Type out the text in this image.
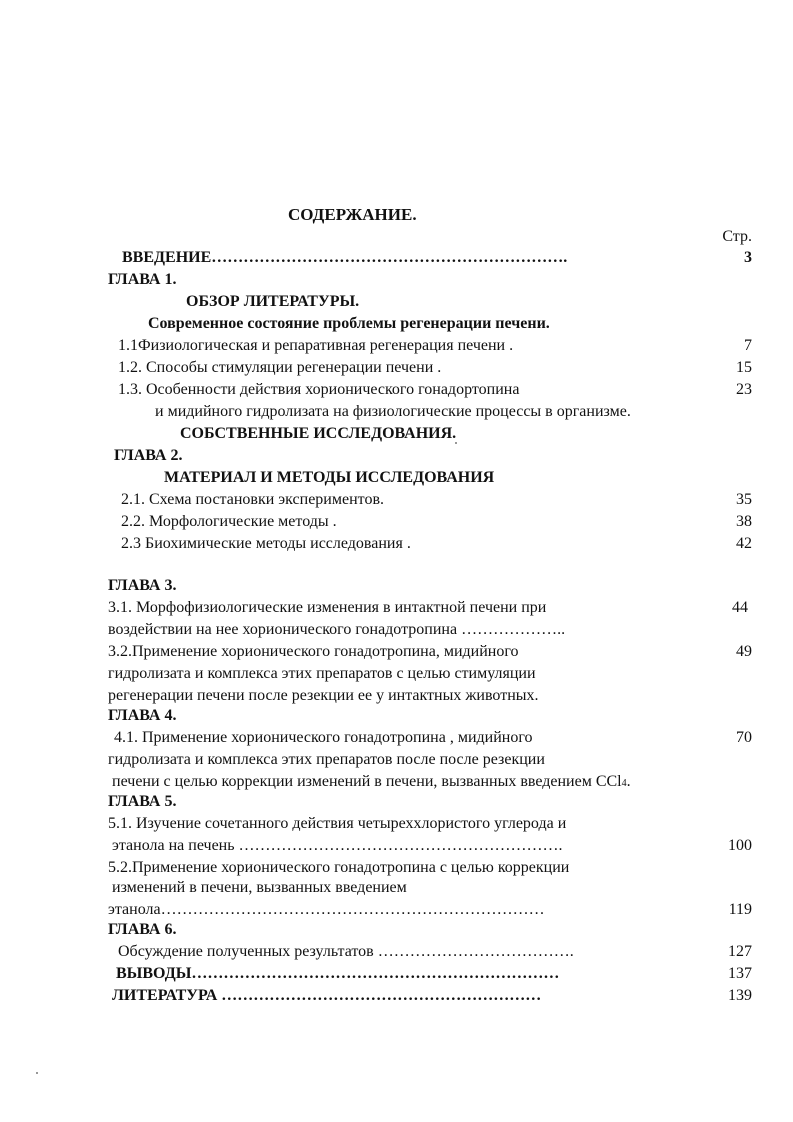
СОДЕРЖАНИЕ.
Стр.
ВВЕДЕНИЕ………………………………………………………….	3
ГЛАВА 1.
ОБЗОР ЛИТЕРАТУРЫ.
Современное состояние проблемы регенерации печени.
1.1Физиологическая и репаративная регенерация печени .	7
1.2. Способы стимуляции регенерации печени .	15
1.3. Особенности действия хорионического гонадортопина	23
и мидийного гидролизата на физиологические процессы в организме.
СОБСТВЕННЫЕ ИССЛЕДОВАНИЯ.
ГЛАВА 2.
МАТЕРИАЛ И МЕТОДЫ ИССЛЕДОВАНИЯ
2.1. Схема постановки экспериментов.	35
2.2. Морфологические методы .	38
2.3 Биохимические методы исследования .	42
ГЛАВА 3.
3.1. Морфофизиологические изменения в интактной печени при	44
воздействии на нее хорионического гонадотропина ………………..
3.2.Применение хорионического гонадотропина, мидийного	49
гидролизата и комплекса этих препаратов с целью стимуляции
регенерации печени после резекции ее у интактных животных.
ГЛАВА 4.
4.1. Применение хорионического гонадотропина , мидийного	70
гидролизата и комплекса этих препаратов после после резекции
печени с целью коррекции изменений в печени, вызванных введением CCl4.
ГЛАВА 5.
5.1. Изучение сочетанного действия четыреххлористого углерода и
этанола на печень …………………………………………………….	100
5.2.Применение хорионического гонадотропина с целью коррекции
изменений в печени, вызванных введением
этанола………………………………………………………………	119
ГЛАВА 6.
Обсуждение полученных результатов ……………………………….	127
ВЫВОДЫ……………………………………………………………	137
ЛИТЕРАТУРА ……………………………………………………	139
